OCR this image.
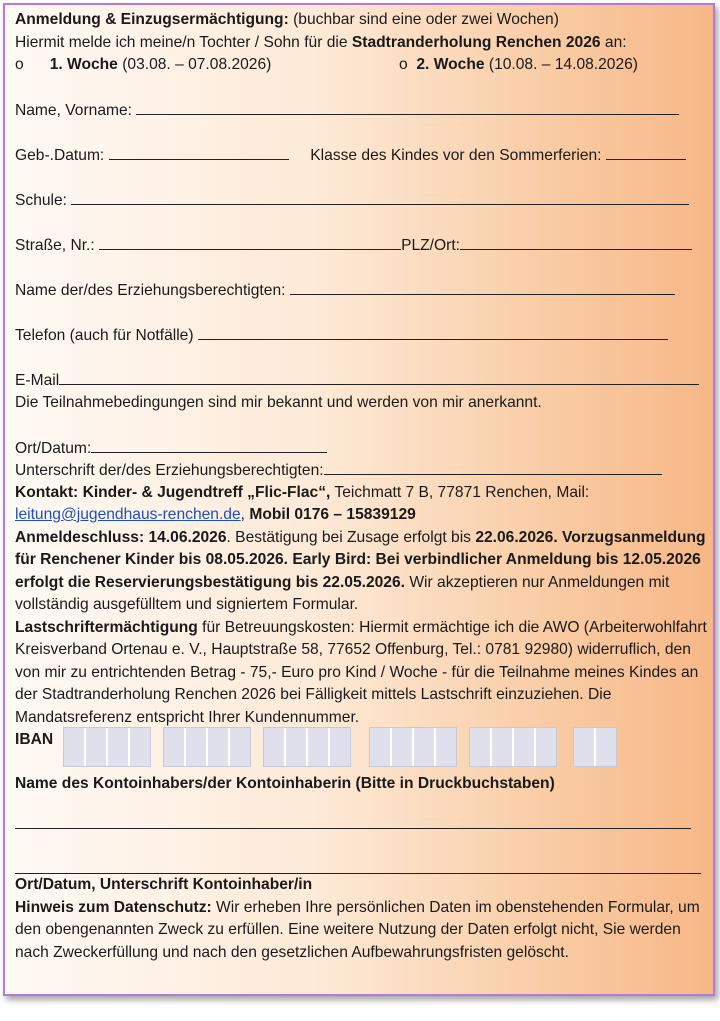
Anmeldung & Einzugsermächtigung: (buchbar sind eine oder zwei Wochen)
Hiermit melde ich meine/n Tochter / Sohn für die Stadtranderholung Renchen 2026 an:
o 1. Woche (03.08. – 07.08.2026)	o 2. Woche (10.08. – 14.08.2026)
Name, Vorname:
Geb-.Datum:	Klasse des Kindes vor den Sommerferien:
Schule:
Straße, Nr.:	PLZ/Ort:
Name der/des Erziehungsberechtigten:
Telefon (auch für Notfälle)
E-Mail
Die Teilnahmebedingungen sind mir bekannt und werden von mir anerkannt.
Ort/Datum:
Unterschrift der/des Erziehungsberechtigten:
Kontakt: Kinder- & Jugendtreff „Flic-Flac“, Teichmatt 7 B, 77871 Renchen, Mail:
leitung@jugendhaus-renchen.de, Mobil 0176 – 15839129
Anmeldeschluss: 14.06.2026. Bestätigung bei Zusage erfolgt bis 22.06.2026. Vorzugsanmeldung für Renchener Kinder bis 08.05.2026. Early Bird: Bei verbindlicher Anmeldung bis 12.05.2026 erfolgt die Reservierungsbestätigung bis 22.05.2026. Wir akzeptieren nur Anmeldungen mit vollständig ausgefülltem und signiertem Formular.
Lastschriftermächtigung für Betreuungskosten: Hiermit ermächtige ich die AWO (Arbeiterwohlfahrt Kreisverband Ortenau e. V., Hauptstraße 58, 77652 Offenburg, Tel.: 0781 92980) widerruflich, den von mir zu entrichtenden Betrag - 75,- Euro pro Kind / Woche - für die Teilnahme meines Kindes an der Stadtranderholung Renchen 2026 bei Fälligkeit mittels Lastschrift einzuziehen. Die Mandatsreferenz entspricht Ihrer Kundennummer.
IBAN
Name des Kontoinhabers/der Kontoinhaberin (Bitte in Druckbuchstaben)
Ort/Datum, Unterschrift Kontoinhaber/in
Hinweis zum Datenschutz: Wir erheben Ihre persönlichen Daten im obenstehenden Formular, um den obengenannten Zweck zu erfüllen. Eine weitere Nutzung der Daten erfolgt nicht, Sie werden nach Zweckerfüllung und nach den gesetzlichen Aufbewahrungsfristen gelöscht.
